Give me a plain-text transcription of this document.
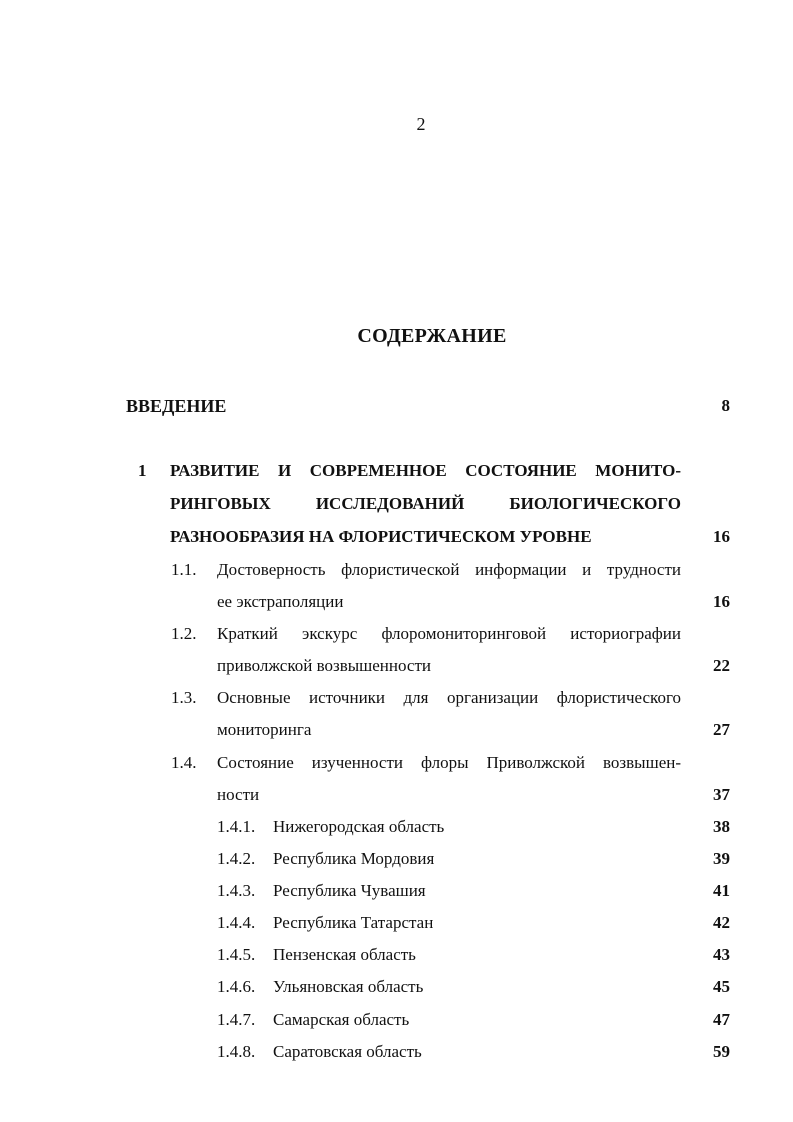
2
СОДЕРЖАНИЕ
ВВЕДЕНИЕ	8
1 РАЗВИТИЕ И СОВРЕМЕННОЕ СОСТОЯНИЕ МОНИТО-
РИНГОВЫХ ИССЛЕДОВАНИЙ БИОЛОГИЧЕСКОГО
РАЗНООБРАЗИЯ НА ФЛОРИСТИЧЕСКОМ УРОВНЕ	16
1.1. Достоверность флористической информации и трудности
ее экстраполяции	16
1.2. Краткий экскурс флоромониторинговой историографии
приволжской возвышенности	22
1.3. Основные источники для организации флористического
мониторинга	27
1.4. Состояние изученности флоры Приволжской возвышен-
ности	37
1.4.1. Нижегородская область	38
1.4.2. Республика Мордовия	39
1.4.3. Республика Чувашия	41
1.4.4. Республика Татарстан	42
1.4.5. Пензенская область	43
1.4.6. Ульяновская область	45
1.4.7. Самарская область	47
1.4.8. Саратовская область	59
